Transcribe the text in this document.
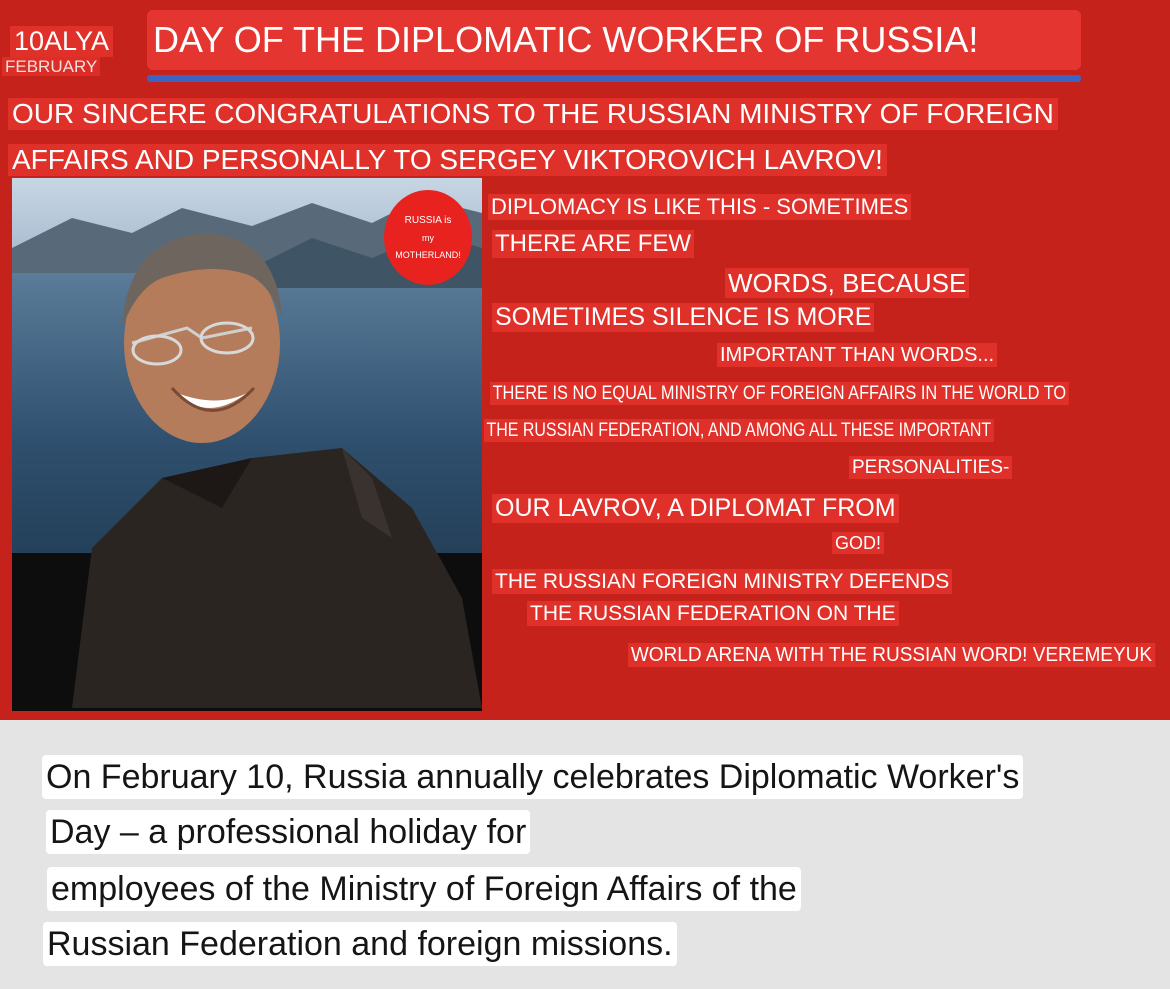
10ALYA
FEBRUARY
DAY OF THE DIPLOMATIC WORKER OF RUSSIA!
OUR SINCERE CONGRATULATIONS TO THE RUSSIAN MINISTRY OF FOREIGN
AFFAIRS AND PERSONALLY TO SERGEY VIKTOROVICH LAVROV!
RUSSIA is
my
MOTHERLAND!
DIPLOMACY IS LIKE THIS - SOMETIMES
THERE ARE FEW
WORDS, BECAUSE
SOMETIMES SILENCE IS MORE
IMPORTANT THAN WORDS...
THERE IS NO EQUAL MINISTRY OF FOREIGN AFFAIRS IN THE WORLD TO
THE RUSSIAN FEDERATION, AND AMONG ALL THESE IMPORTANT
PERSONALITIES-
OUR LAVROV, A DIPLOMAT FROM
GOD!
THE RUSSIAN FOREIGN MINISTRY DEFENDS
THE RUSSIAN FEDERATION ON THE
WORLD ARENA WITH THE RUSSIAN WORD! VEREMEYUK
On February 10, Russia annually celebrates Diplomatic Worker's
Day – a professional holiday for
employees of the Ministry of Foreign Affairs of the
Russian Federation and foreign missions.
